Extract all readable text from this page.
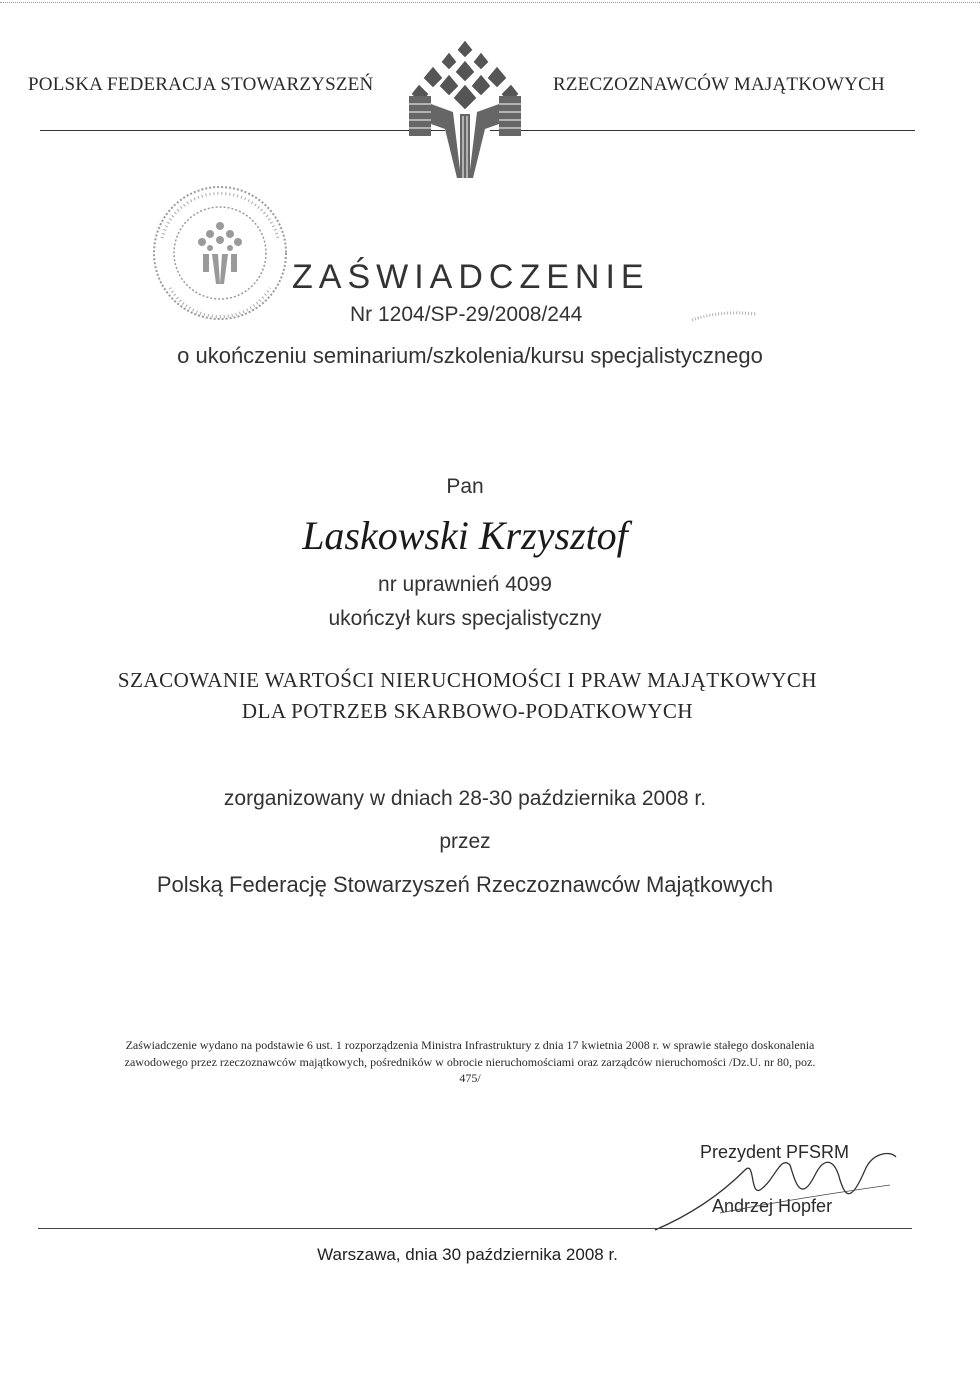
POLSKA FEDERACJA STOWARZYSZEŃ	RZECZOZNAWCÓW MAJĄTKOWYCH
ZAŚWIADCZENIE
Nr 1204/SP-29/2008/244
o ukończeniu seminarium/szkolenia/kursu specjalistycznego
Pan
Laskowski Krzysztof
nr uprawnień 4099
ukończył kurs specjalistyczny
SZACOWANIE WARTOŚCI NIERUCHOMOŚCI I PRAW MAJĄTKOWYCH
DLA POTRZEB SKARBOWO-PODATKOWYCH
zorganizowany w dniach 28-30 października 2008 r.
przez
Polską Federację Stowarzyszeń Rzeczoznawców Majątkowych
Zaświadczenie wydano na podstawie 6 ust. 1 rozporządzenia Ministra Infrastruktury z dnia 17 kwietnia 2008 r. w sprawie stałego doskonalenia zawodowego przez rzeczoznawców majątkowych, pośredników w obrocie nieruchomościami oraz zarządców nieruchomości /Dz.U. nr 80, poz. 475/
Prezydent PFSRM
Andrzej Hopfer
Warszawa, dnia 30 października 2008 r.
